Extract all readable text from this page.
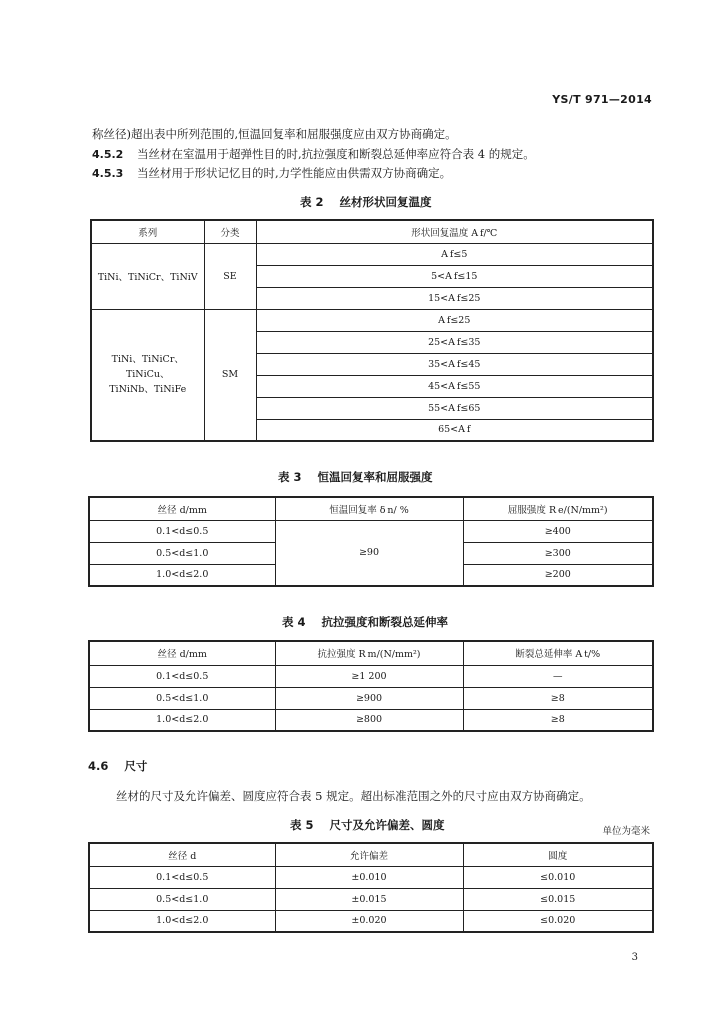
YS/T 971—2014
称丝径)超出表中所列范围的,恒温回复率和屈服强度应由双方协商确定。
4.5.2 当丝材在室温用于超弹性目的时,抗拉强度和断裂总延伸率应符合表 4 的规定。
4.5.3 当丝材用于形状记忆目的时,力学性能应由供需双方协商确定。
表 2 丝材形状回复温度
系列	分类	形状回复温度 A f/℃
TiNi、TiNiCr、TiNiV	SE	A f≤5
		5<A f≤15
		15<A f≤25

TiNi、TiNiCr、TiNiCu、
TiNiNb、TiNiFe	SM	A f≤25
		25<A f≤35
		35<A f≤45
		45<A f≤55
		55<A f≤65
		65<A f
表 3 恒温回复率和屈服强度
丝径 d/mm	恒温回复率 δ n/ %	屈服强度 R e/(N/mm²)
0.1<d≤0.5	≥90	≥400
0.5<d≤1.0		≥300
1.0<d≤2.0		≥200
表 4 抗拉强度和断裂总延伸率
丝径 d/mm	抗拉强度 R m/(N/mm²)	断裂总延伸率 A t/%
0.1<d≤0.5	≥1 200	—
0.5<d≤1.0	≥900	≥8
1.0<d≤2.0	≥800	≥8
4.6 尺寸
丝材的尺寸及允许偏差、圆度应符合表 5 规定。超出标准范围之外的尺寸应由双方协商确定。
表 5 尺寸及允许偏差、圆度	单位为毫米
丝径 d	允许偏差	圆度
0.1<d≤0.5	±0.010	≤0.010
0.5<d≤1.0	±0.015	≤0.015
1.0<d≤2.0	±0.020	≤0.020
3
